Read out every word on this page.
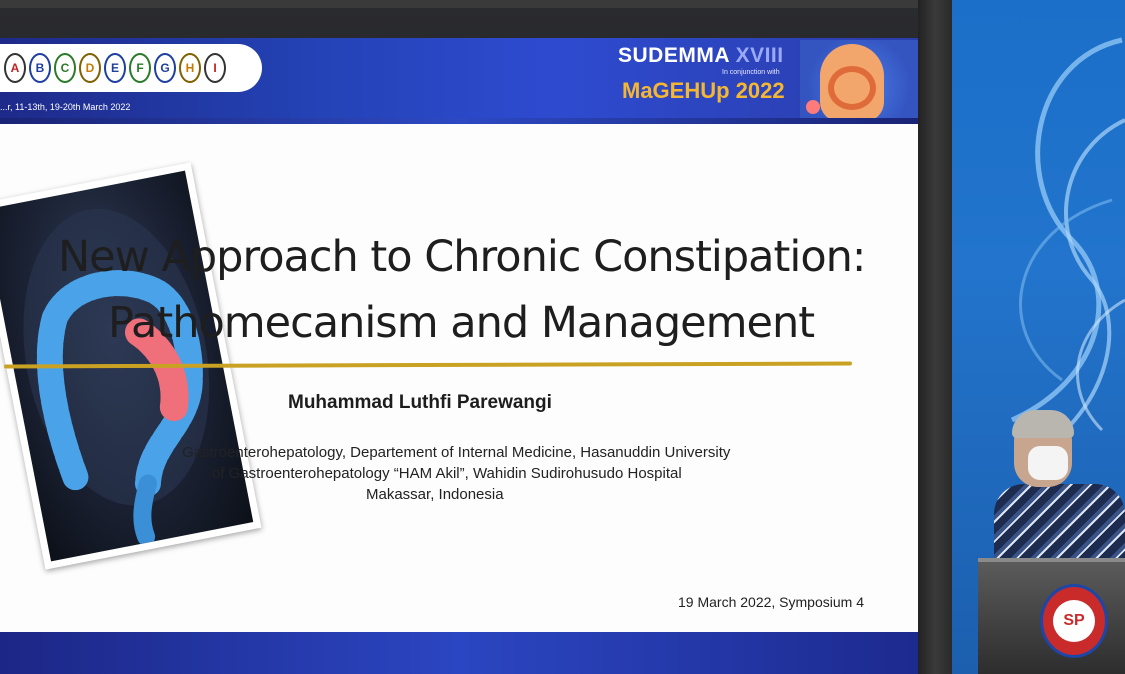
A	B	C	D	E	F	G	H	I
...r, 11-13th, 19-20th March 2022
SUDEMMA XVIII
In conjunction with
MaGEHUp 2022
New Approach to Chronic Constipation:
Pathomecanism and Management
Muhammad Luthfi Parewangi
Gastroenterohepatology, Departement of Internal Medicine, Hasanuddin University
of Gastroenterohepatology “HAM Akil”, Wahidin Sudirohusudo Hospital
Makassar, Indonesia
19 March 2022, Symposium 4
SP
